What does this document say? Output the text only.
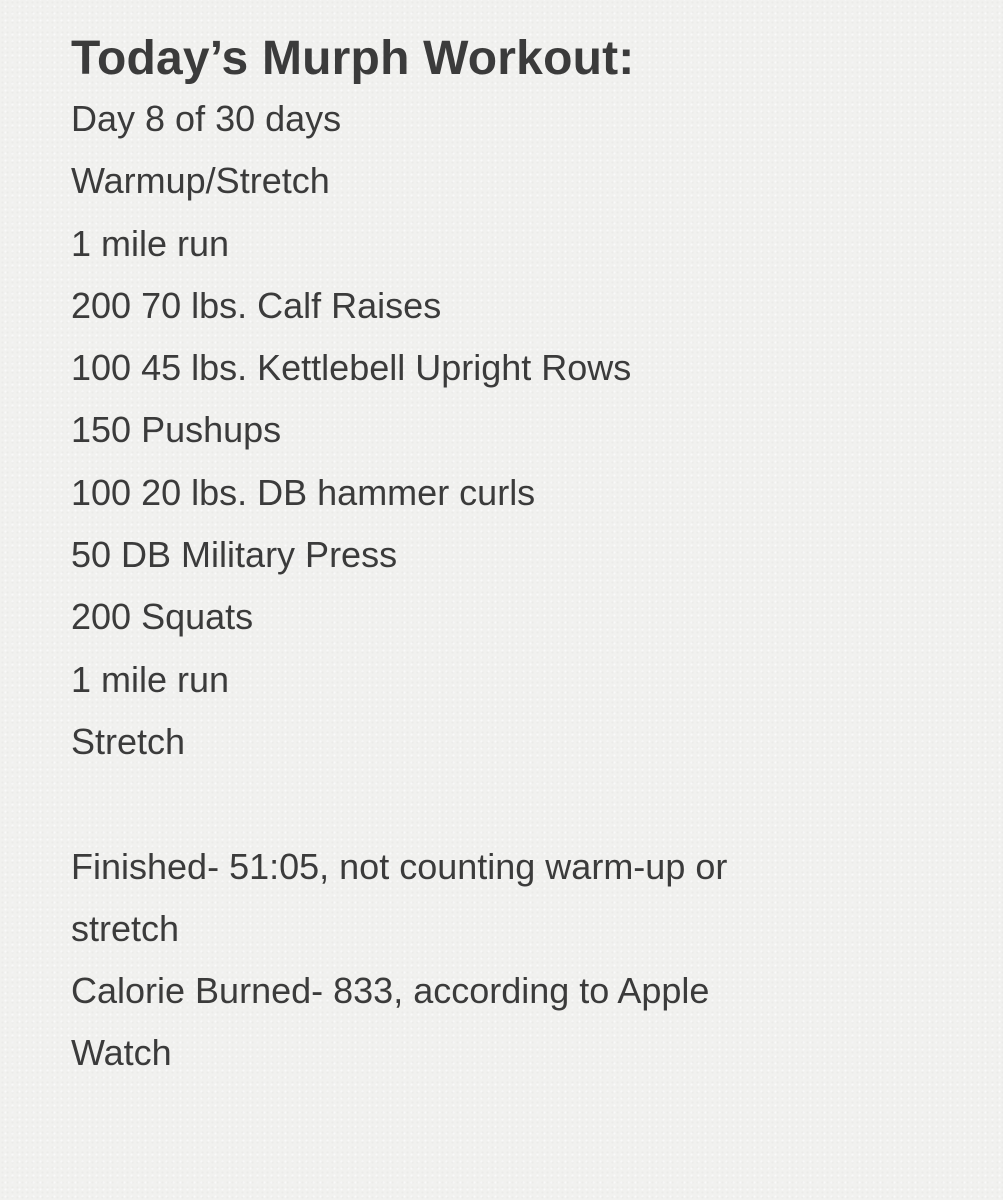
Today’s Murph Workout:
Day 8 of 30 days
Warmup/Stretch
1 mile run
200 70 lbs. Calf Raises
100 45 lbs. Kettlebell Upright Rows
150 Pushups
100 20 lbs. DB hammer curls
50 DB Military Press
200 Squats
1 mile run
Stretch
Finished- 51:05, not counting warm-up or
stretch
Calorie Burned- 833, according to Apple
Watch
